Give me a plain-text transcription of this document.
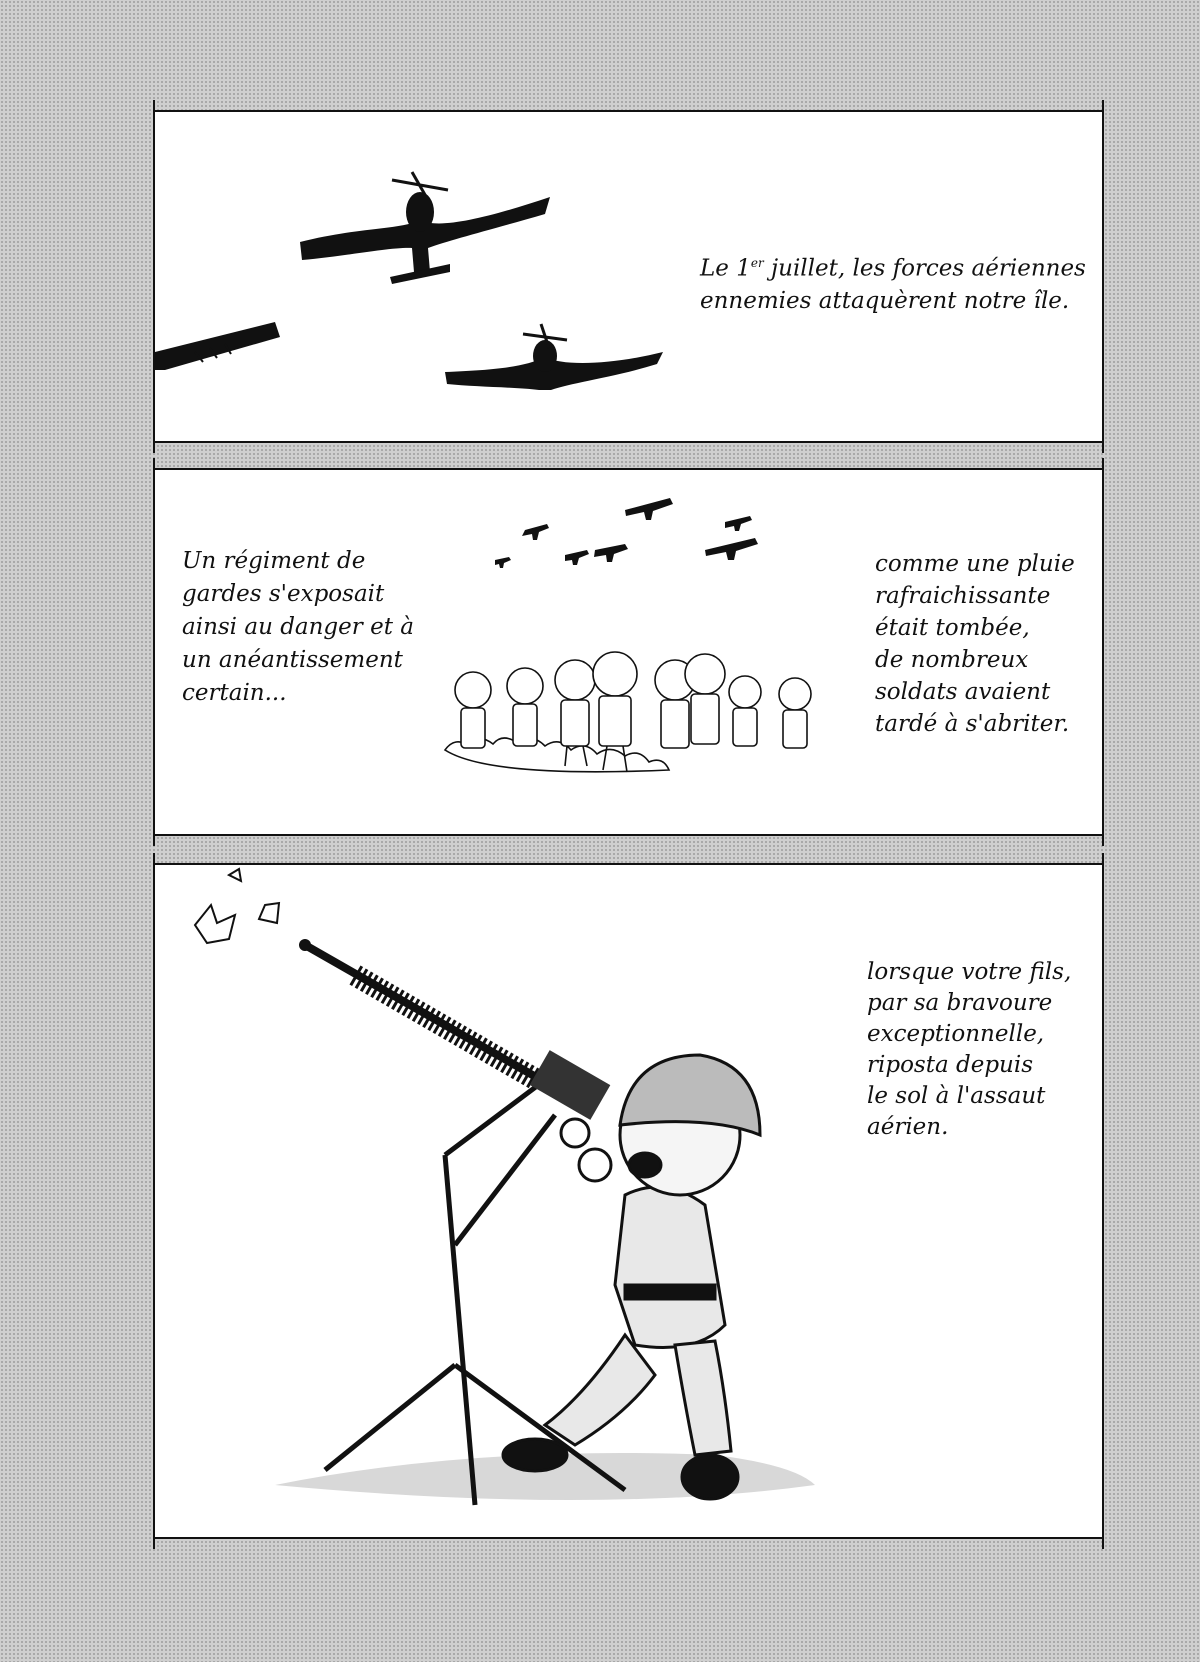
Le 1er juillet, les forces aériennes
ennemies attaquèrent notre île.
Un régiment de
gardes s'exposait
ainsi au danger et à
un anéantissement
certain...
comme une pluie
rafraichissante
était tombée,
de nombreux
soldats avaient
tardé à s'abriter.
lorsque votre fils,
par sa bravoure
exceptionnelle,
riposta depuis
le sol à l'assaut
aérien.
